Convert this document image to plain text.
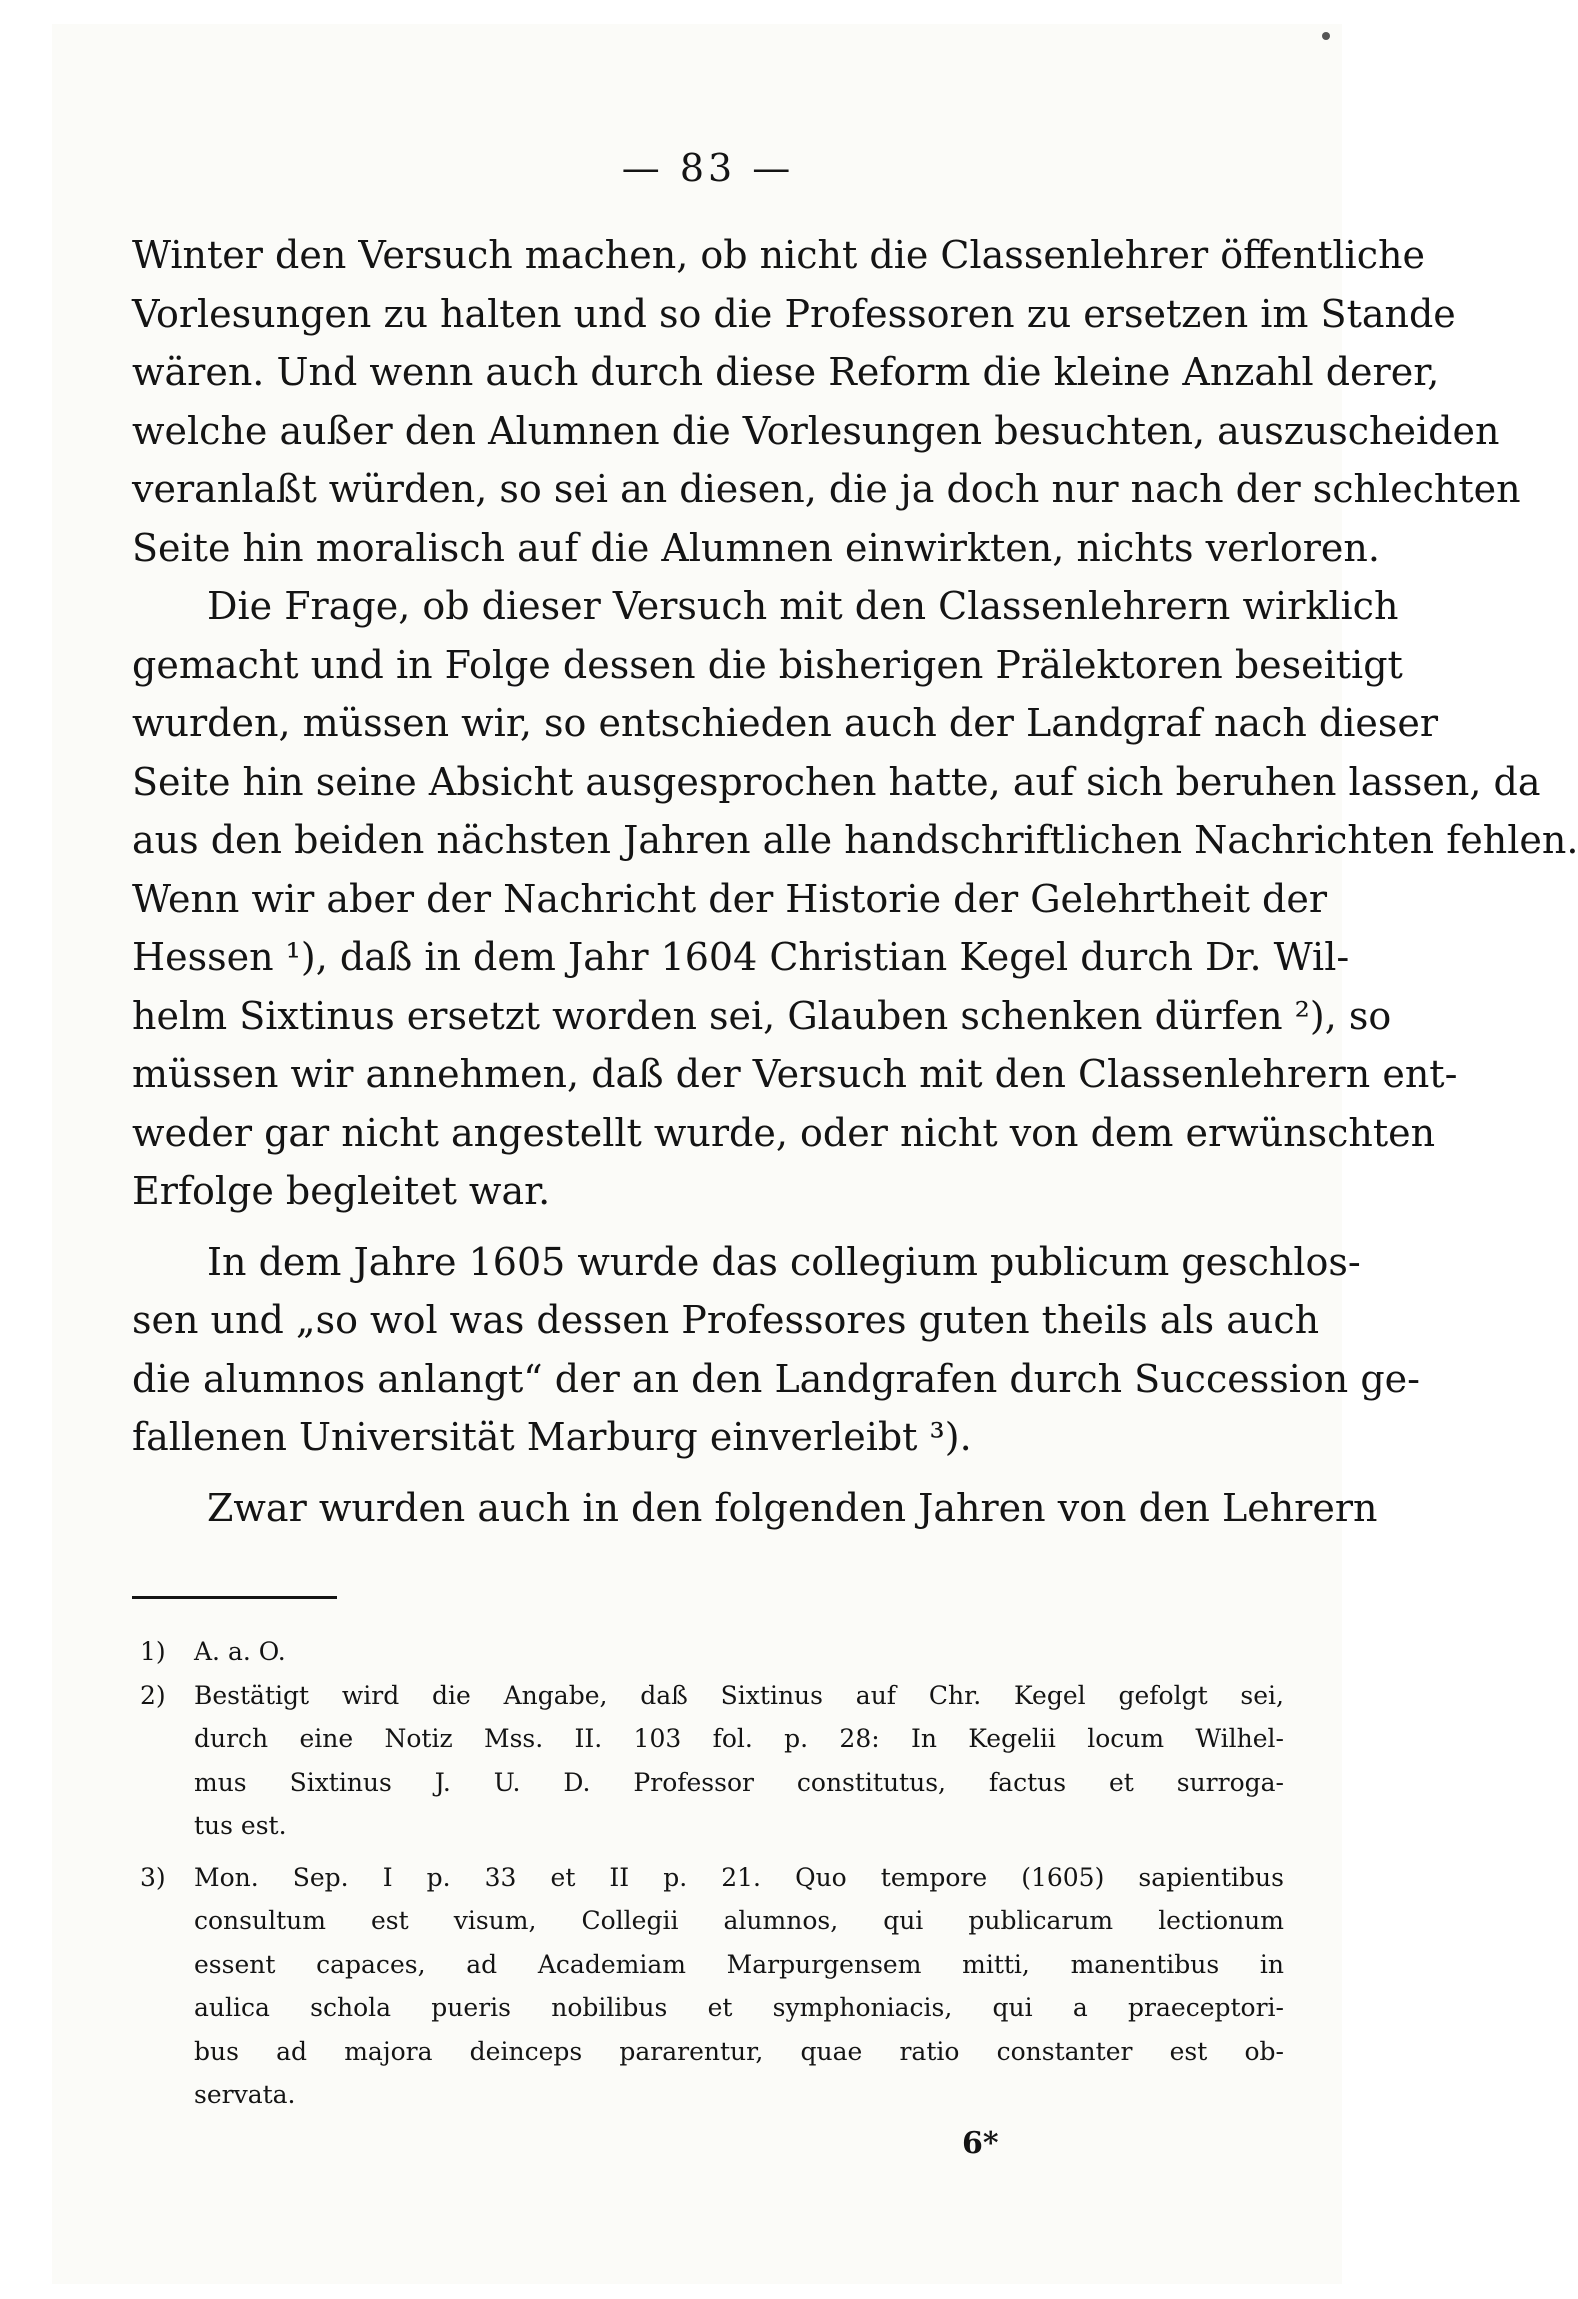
— 83 —
Winter den Versuch machen, ob nicht die Classenlehrer öffentliche
Vorlesungen zu halten und so die Professoren zu ersetzen im Stande
wären. Und wenn auch durch diese Reform die kleine Anzahl derer,
welche außer den Alumnen die Vorlesungen besuchten, auszuscheiden
veranlaßt würden, so sei an diesen, die ja doch nur nach der schlechten
Seite hin moralisch auf die Alumnen einwirkten, nichts verloren.
Die Frage, ob dieser Versuch mit den Classenlehrern wirklich
gemacht und in Folge dessen die bisherigen Prälektoren beseitigt
wurden, müssen wir, so entschieden auch der Landgraf nach dieser
Seite hin seine Absicht ausgesprochen hatte, auf sich beruhen lassen, da
aus den beiden nächsten Jahren alle handschriftlichen Nachrichten fehlen.
Wenn wir aber der Nachricht der Historie der Gelehrtheit der
Hessen ¹), daß in dem Jahr 1604 Christian Kegel durch Dr. Wil-
helm Sixtinus ersetzt worden sei, Glauben schenken dürfen ²), so
müssen wir annehmen, daß der Versuch mit den Classenlehrern ent-
weder gar nicht angestellt wurde, oder nicht von dem erwünschten
Erfolge begleitet war.
In dem Jahre 1605 wurde das collegium publicum geschlos-
sen und „so wol was dessen Professores guten theils als auch
die alumnos anlangt“ der an den Landgrafen durch Succession ge-
fallenen Universität Marburg einverleibt ³).
Zwar wurden auch in den folgenden Jahren von den Lehrern
1) A. a. O.
2) Bestätigt wird die Angabe, daß Sixtinus auf Chr. Kegel gefolgt sei,
durch eine Notiz Mss. II. 103 fol. p. 28: In Kegelii locum Wilhel-
mus Sixtinus J. U. D. Professor constitutus, factus et surroga-
tus est.
3) Mon. Sep. I p. 33 et II p. 21. Quo tempore (1605) sapientibus
consultum est visum, Collegii alumnos, qui publicarum lectionum
essent capaces, ad Academiam Marpurgensem mitti, manentibus in
aulica schola pueris nobilibus et symphoniacis, qui a praeceptori-
bus ad majora deinceps pararentur, quae ratio constanter est ob-
servata.
6*
